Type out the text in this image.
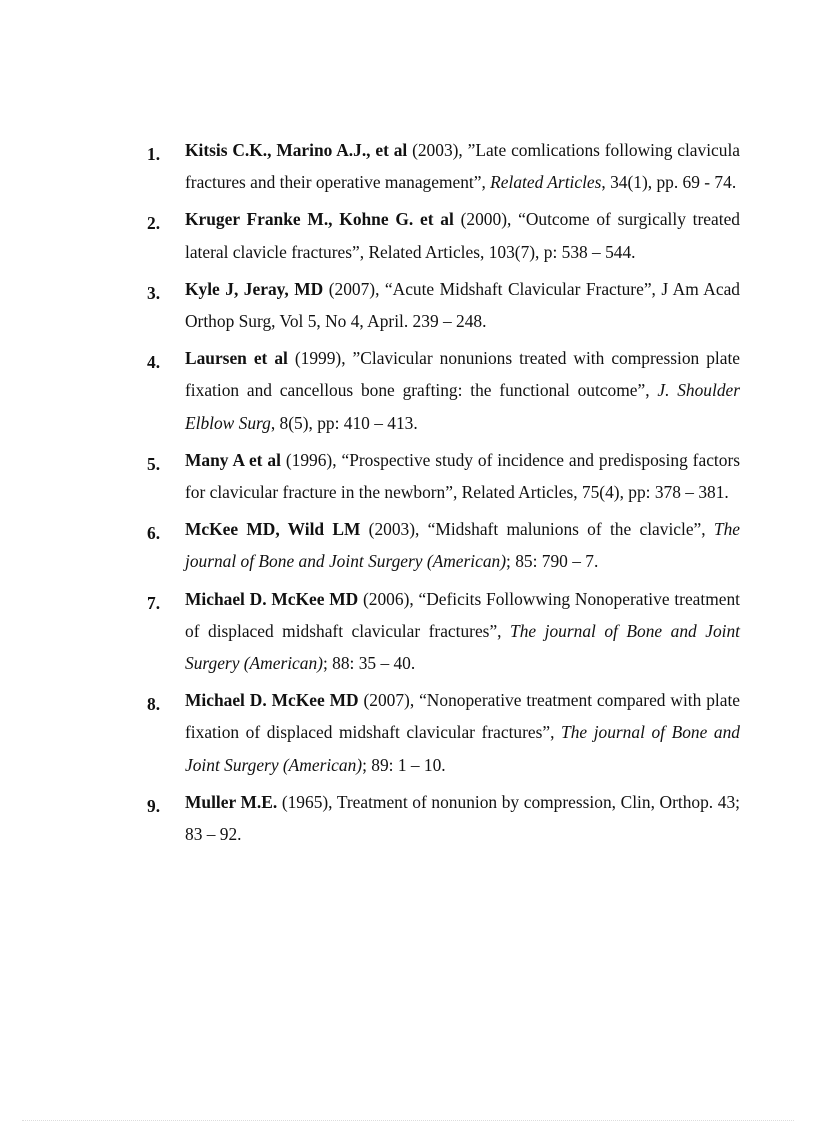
1. Kitsis C.K., Marino A.J., et al (2003), ”Late comlications following clavicula fractures and their operative management”, Related Articles, 34(1), pp. 69 - 74.
2. Kruger Franke M., Kohne G. et al (2000), “Outcome of surgically treated lateral clavicle fractures”, Related Articles, 103(7), p: 538 – 544.
3. Kyle J, Jeray, MD (2007), “Acute Midshaft Clavicular Fracture”, J Am Acad Orthop Surg, Vol 5, No 4, April. 239 – 248.
4. Laursen et al (1999), ”Clavicular nonunions treated with compression plate fixation and cancellous bone grafting: the functional outcome”, J. Shoulder Elblow Surg, 8(5), pp: 410 – 413.
5. Many A et al (1996), “Prospective study of incidence and predisposing factors for clavicular fracture in the newborn”, Related Articles, 75(4), pp: 378 – 381.
6. McKee MD, Wild LM (2003), “Midshaft malunions of the clavicle”, The journal of Bone and Joint Surgery (American); 85: 790 – 7.
7. Michael D. McKee MD (2006), “Deficits Followwing Nonoperative treatment of displaced midshaft clavicular fractures”, The journal of Bone and Joint Surgery (American); 88: 35 – 40.
8. Michael D. McKee MD (2007), “Nonoperative treatment compared with plate fixation of displaced midshaft clavicular fractures”, The journal of Bone and Joint Surgery (American); 89: 1 – 10.
9. Muller M.E. (1965), Treatment of nonunion by compression, Clin, Orthop. 43; 83 – 92.
